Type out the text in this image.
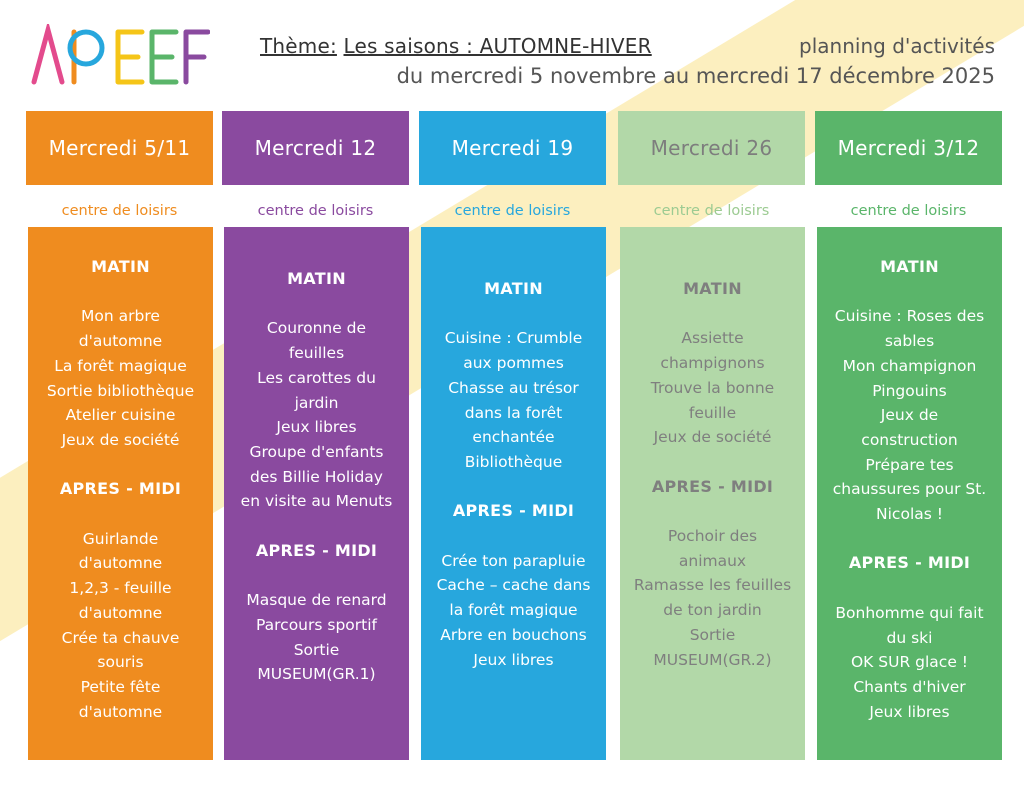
Thème: Les saisons : AUTOMNE-HIVER	planning d'activités
du mercredi 5 novembre au mercredi 17 décembre 2025
Mercredi 5/11
centre de loisirs
MATIN
Mon arbre
d'automne
La forêt magique
Sortie bibliothèque
Atelier cuisine
Jeux de société
APRES - MIDI
Guirlande
d'automne
1,2,3 - feuille
d'automne
Crée ta chauve
souris
Petite fête
d'automne
Mercredi 12
centre de loisirs
MATIN
Couronne de
feuilles
Les carottes du
jardin
Jeux libres
Groupe d'enfants
des Billie Holiday
en visite au Menuts
APRES - MIDI
Masque de renard
Parcours sportif
Sortie
MUSEUM(GR.1)
Mercredi 19
centre de loisirs
MATIN
Cuisine : Crumble
aux pommes
Chasse au trésor
dans la forêt
enchantée
Bibliothèque
APRES - MIDI
Crée ton parapluie
Cache – cache dans
la forêt magique
Arbre en bouchons
Jeux libres
Mercredi 26
centre de loisirs
MATIN
Assiette
champignons
Trouve la bonne
feuille
Jeux de société
APRES - MIDI
Pochoir des
animaux
Ramasse les feuilles
de ton jardin
Sortie
MUSEUM(GR.2)
Mercredi 3/12
centre de loisirs
MATIN
Cuisine : Roses des
sables
Mon champignon
Pingouins
Jeux de
construction
Prépare tes
chaussures pour St.
Nicolas !
APRES - MIDI
Bonhomme qui fait
du ski
OK SUR glace !
Chants d'hiver
Jeux libres
